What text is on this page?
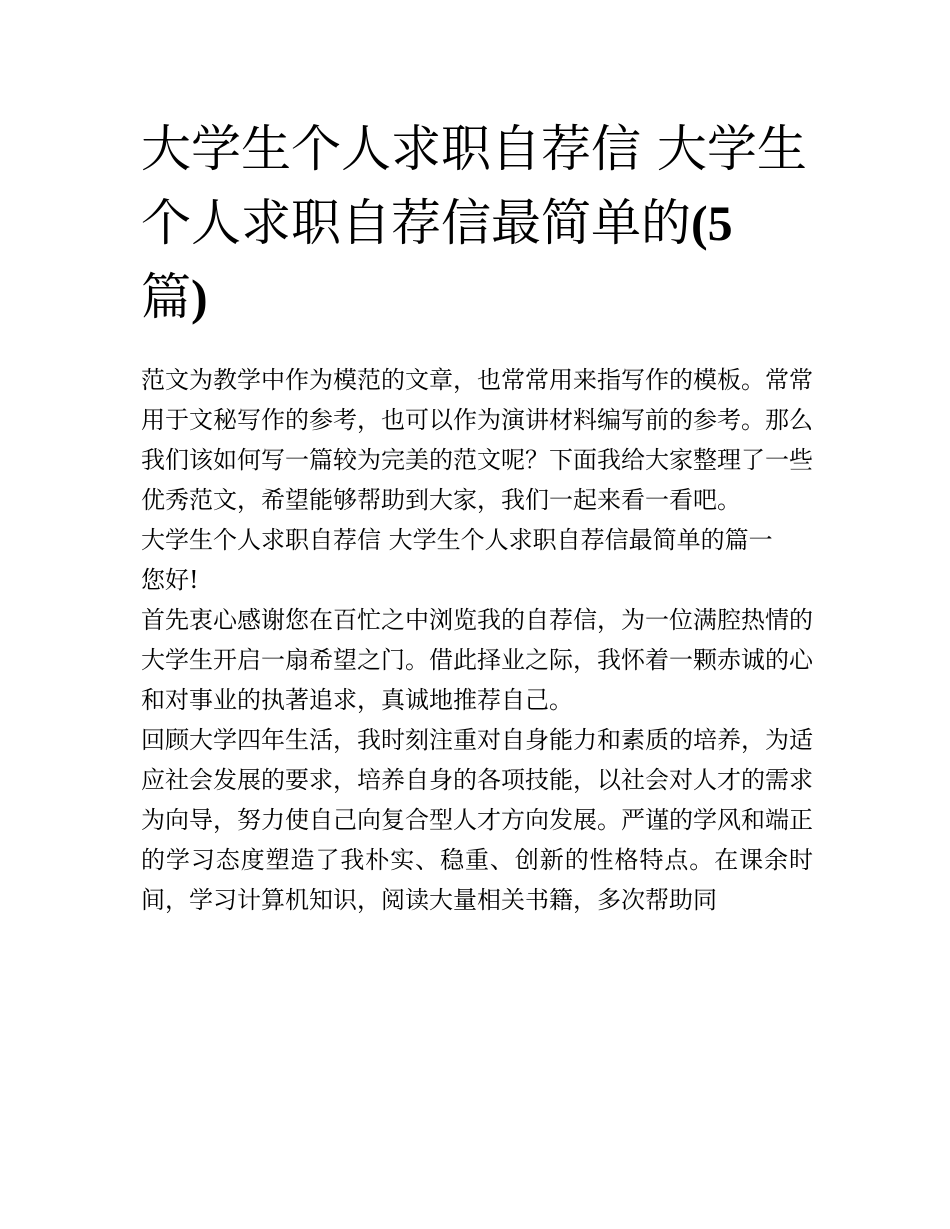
大学生个人求职自荐信 大学生个人求职自荐信最简单的(5
篇)

范文为教学中作为模范的文章，也常常用来指写作的模板。常常用于文秘写作的参考，也可以作为演讲材料编写前的参考。那么我们该如何写一篇较为完美的范文呢？下面我给大家整理了一些优秀范文，希望能够帮助到大家，我们一起来看一看吧。

大学生个人求职自荐信 大学生个人求职自荐信最简单的篇一

您好!

首先衷心感谢您在百忙之中浏览我的自荐信，为一位满腔热情的大学生开启一扇希望之门。借此择业之际，我怀着一颗赤诚的心和对事业的执著追求，真诚地推荐自己。

回顾大学四年生活，我时刻注重对自身能力和素质的培养，为适应社会发展的要求，培养自身的各项技能，以社会对人才的需求为向导，努力使自己向复合型人才方向发展。严谨的学风和端正的学习态度塑造了我朴实、稳重、创新的性格特点。在课余时间，学习计算机知识，阅读大量相关书籍，多次帮助同
